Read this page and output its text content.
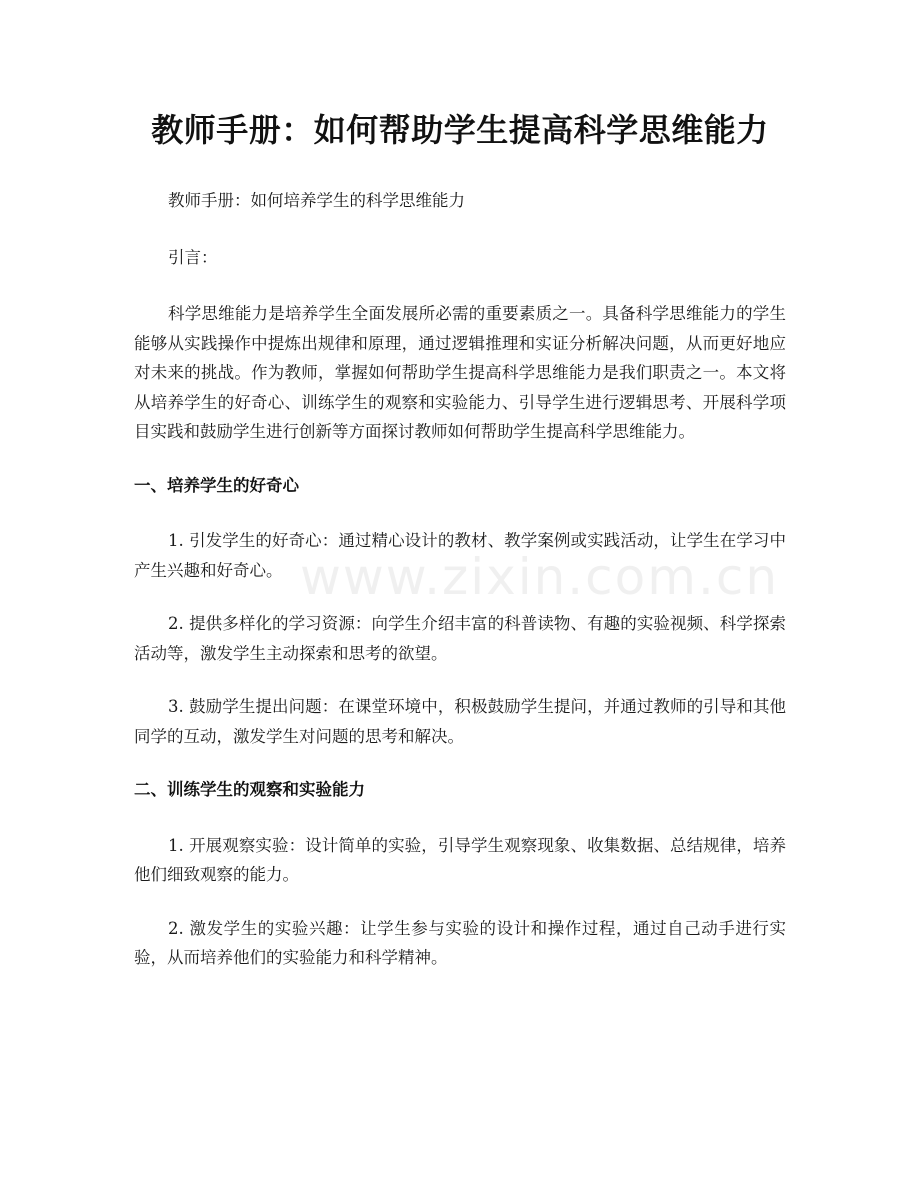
www.zixin.com.cn
教师手册：如何帮助学生提高科学思维能力

教师手册：如何培养学生的科学思维能力

引言：

科学思维能力是培养学生全面发展所必需的重要素质之一。具备科学思维能力的学生能够从实践操作中提炼出规律和原理，通过逻辑推理和实证分析解决问题，从而更好地应对未来的挑战。作为教师，掌握如何帮助学生提高科学思维能力是我们职责之一。本文将从培养学生的好奇心、训练学生的观察和实验能力、引导学生进行逻辑思考、开展科学项目实践和鼓励学生进行创新等方面探讨教师如何帮助学生提高科学思维能力。

一、培养学生的好奇心

1. 引发学生的好奇心：通过精心设计的教材、教学案例或实践活动，让学生在学习中产生兴趣和好奇心。

2. 提供多样化的学习资源：向学生介绍丰富的科普读物、有趣的实验视频、科学探索活动等，激发学生主动探索和思考的欲望。

3. 鼓励学生提出问题：在课堂环境中，积极鼓励学生提问，并通过教师的引导和其他同学的互动，激发学生对问题的思考和解决。

二、训练学生的观察和实验能力

1. 开展观察实验：设计简单的实验，引导学生观察现象、收集数据、总结规律，培养他们细致观察的能力。

2. 激发学生的实验兴趣：让学生参与实验的设计和操作过程，通过自己动手进行实验，从而培养他们的实验能力和科学精神。
